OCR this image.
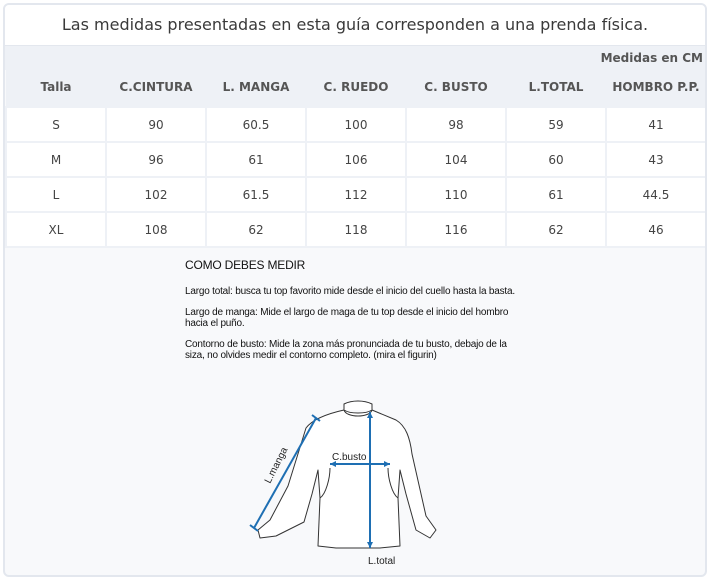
Las medidas presentadas en esta guía corresponden a una prenda física.
Medidas en CM
Talla	C.CINTURA	L. MANGA	C. RUEDO	C. BUSTO	L.TOTAL	HOMBRO P.P.
S	90	60.5	100	98	59	41
M	96	61	106	104	60	43
L	102	61.5	112	110	61	44.5
XL	108	62	118	116	62	46
COMO DEBES MEDIR

Largo total: busca tu top favorito mide desde el inicio del cuello hasta la basta.

Largo de manga: Mide el largo de maga de tu top desde el inicio del hombro hacia el puño.

Contorno de busto: Mide la zona más pronunciada de tu busto, debajo de la siza, no olvides medir el contorno completo. (mira el figurin)

L.manga	C.busto
L.total
